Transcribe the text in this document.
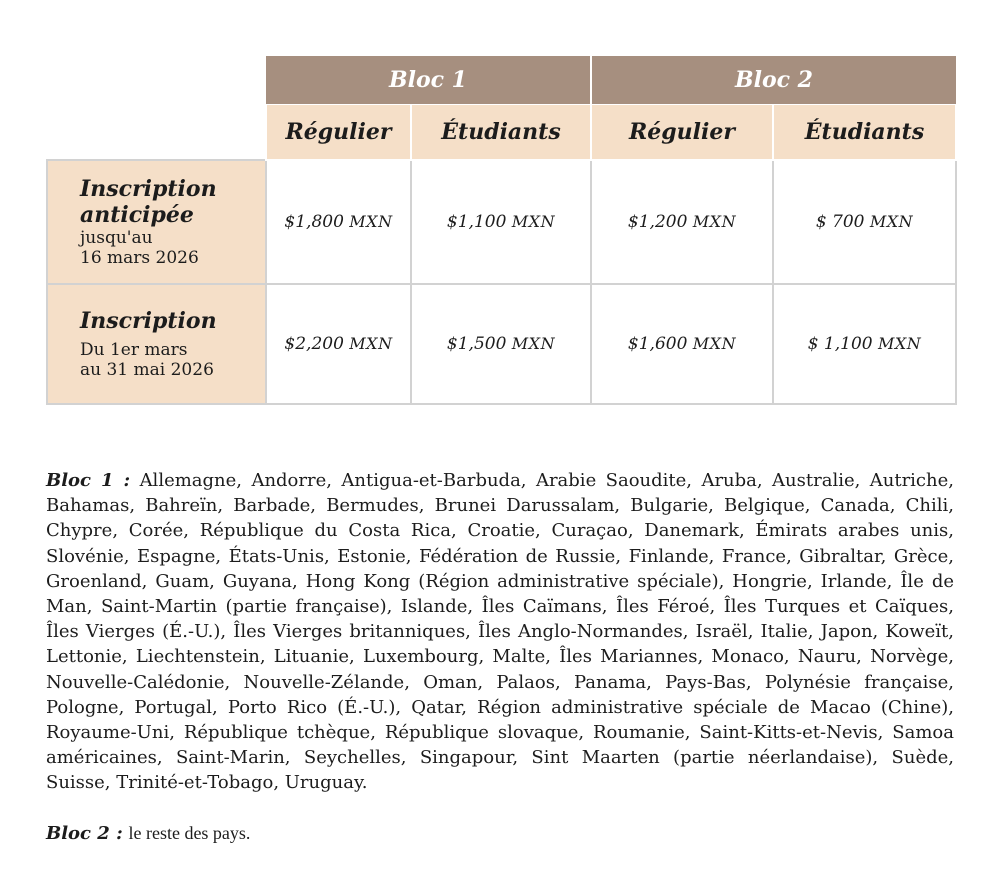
	Bloc 1		Bloc 2	
	Régulier	Étudiants	Régulier	Étudiants

Inscription
anticipée
jusqu'au
16 mars 2026	$1,800 MXN	$1,100 MXN	$1,200 MXN	$ 700 MXN

Inscription
Du 1er mars
au 31 mai 2026	$2,200 MXN	$1,500 MXN	$1,600 MXN	$ 1,100 MXN

Bloc 1 : Allemagne, Andorre, Antigua-et-Barbuda, Arabie Saoudite, Aruba, Australie, Autriche, Bahamas, Bahreïn, Barbade, Bermudes, Brunei Darussalam, Bulgarie, Belgique, Canada, Chili, Chypre, Corée, République du Costa Rica, Croatie, Curaçao, Danemark, Émirats arabes unis, Slovénie, Espagne, États-Unis, Estonie, Fédération de Russie, Finlande, France, Gibraltar, Grèce, Groenland, Guam, Guyana, Hong Kong (Région administrative spéciale), Hongrie, Irlande, Île de Man, Saint-Martin (partie française), Islande, Îles Caïmans, Îles Féroé, Îles Turques et Caïques, Îles Vierges (É.-U.), Îles Vierges britanniques, Îles Anglo-Normandes, Israël, Italie, Japon, Koweït, Lettonie, Liechtenstein, Lituanie, Luxembourg, Malte, Îles Mariannes, Monaco, Nauru, Norvège, Nouvelle-Calédonie, Nouvelle-Zélande, Oman, Palaos, Panama, Pays-Bas, Polynésie française, Pologne, Portugal, Porto Rico (É.-U.), Qatar, Région administrative spéciale de Macao (Chine), Royaume-Uni, République tchèque, République slovaque, Roumanie, Saint-Kitts-et-Nevis, Samoa américaines, Saint-Marin, Seychelles, Singapour, Sint Maarten (partie néerlandaise), Suède, Suisse, Trinité-et-Tobago, Uruguay.

Bloc 2 : le reste des pays.
